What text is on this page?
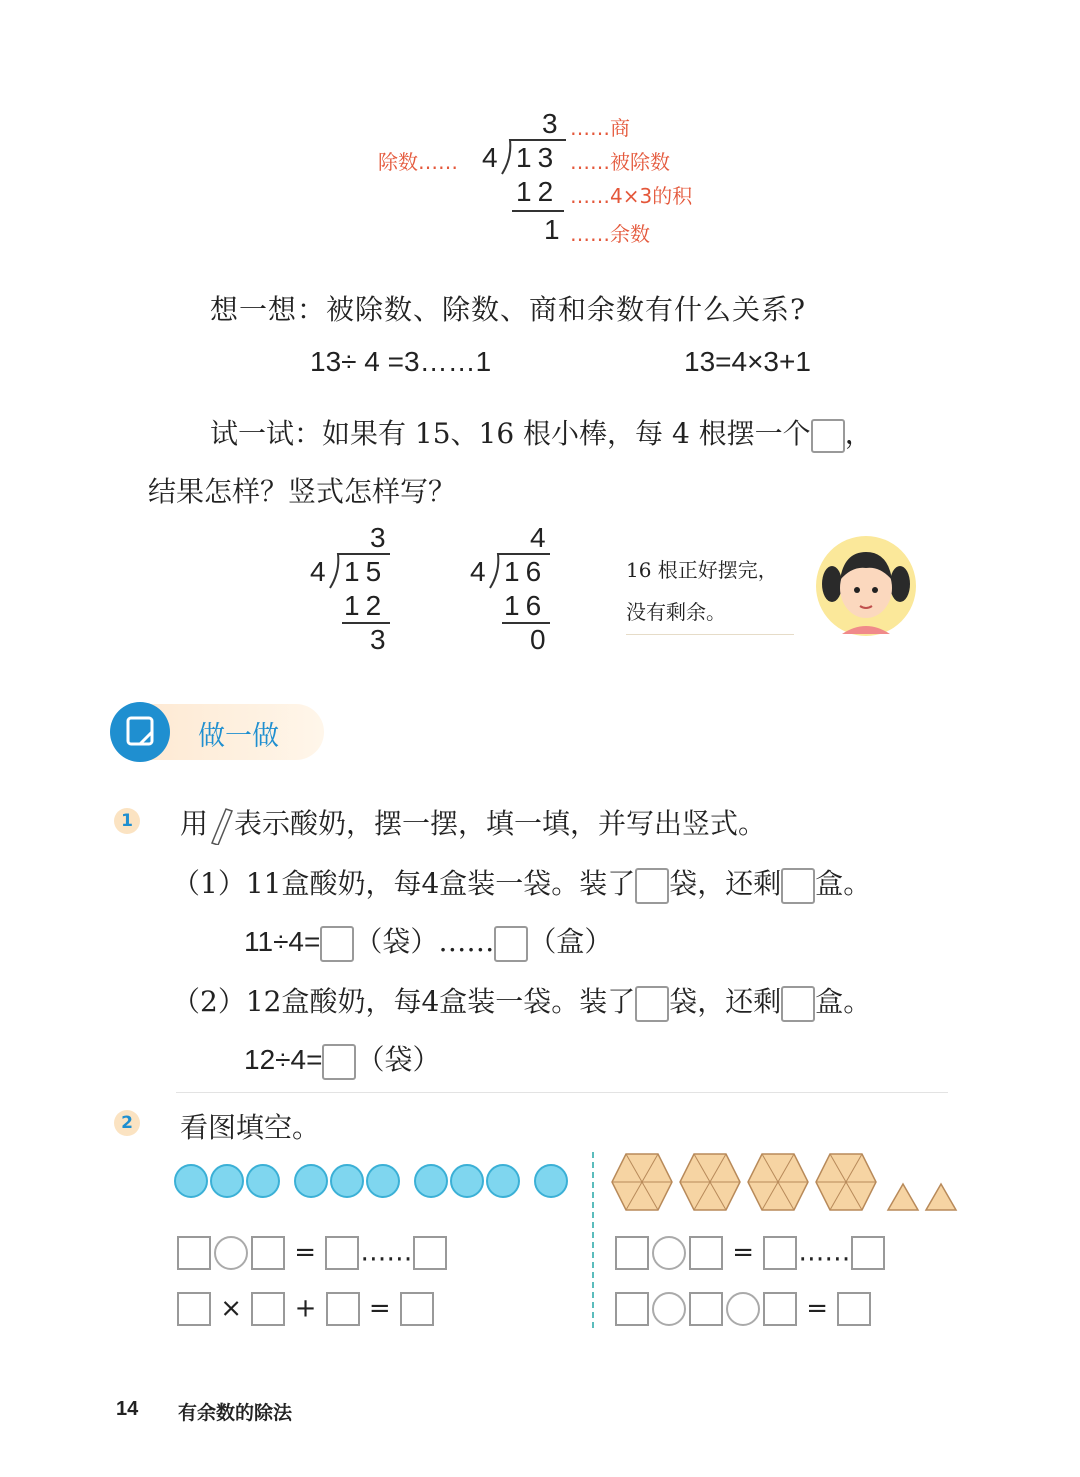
3 ……商
除数…… 4 13 ……被除数
12 ……4×3的积
1 ……余数
想一想：被除数、除数、商和余数有什么关系?
13÷ 4 =3……1	13=4×3+1
试一试：如果有 15、16 根小棒，每 4 根摆一个 ，
结果怎样？竖式怎样写？
3
4 15
12
3
4
4 16
16
0
16 根正好摆完，
没有剩余。
做一做
1 用 表示酸奶，摆一摆，填一填，并写出竖式。
（1）11盒酸奶，每4盒装一袋。装了 袋，还剩 盒。
11÷4= （袋）…… （盒）
（2）12盒酸奶，每4盒装一袋。装了 袋，还剩 盒。
12÷4= （袋）
2 看图填空。
= ……
× + =
= ……
=
14 有余数的除法
